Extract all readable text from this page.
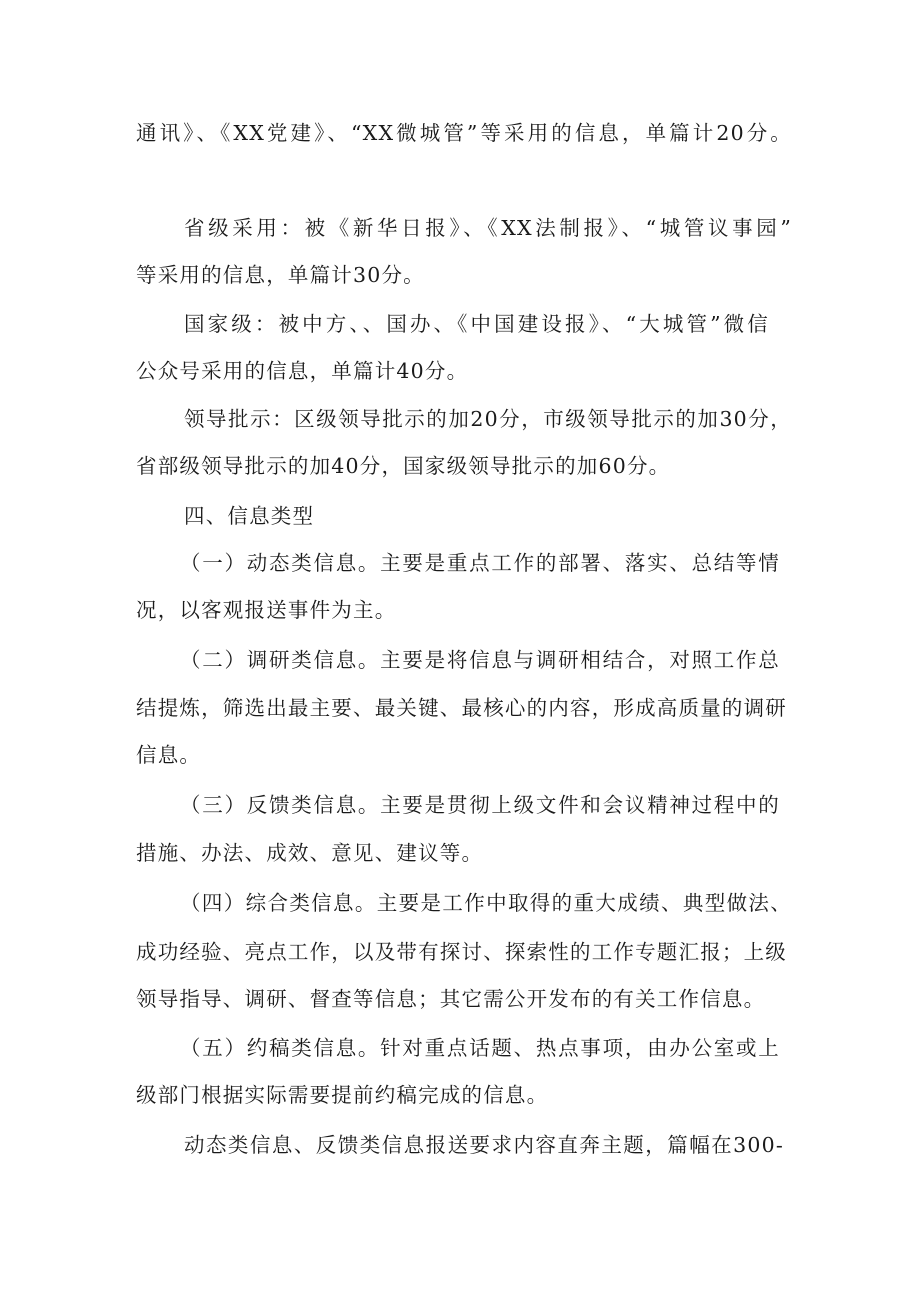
通讯》、《XX党建》、“XX微城管”等采用的信息，单篇计20分。
省级采用：被《新华日报》、《XX法制报》、“城管议事园”
等采用的信息，单篇计30分。
国家级：被中方、、国办、《中国建设报》、“大城管”微信
公众号采用的信息，单篇计40分。
领导批示：区级领导批示的加20分，市级领导批示的加30分，
省部级领导批示的加40分，国家级领导批示的加60分。
四、信息类型
（一）动态类信息。主要是重点工作的部署、落实、总结等情
况，以客观报送事件为主。
（二）调研类信息。主要是将信息与调研相结合，对照工作总
结提炼，筛选出最主要、最关键、最核心的内容，形成高质量的调研
信息。
（三）反馈类信息。主要是贯彻上级文件和会议精神过程中的
措施、办法、成效、意见、建议等。
（四）综合类信息。主要是工作中取得的重大成绩、典型做法、
成功经验、亮点工作，以及带有探讨、探索性的工作专题汇报；上级
领导指导、调研、督查等信息；其它需公开发布的有关工作信息。
（五）约稿类信息。针对重点话题、热点事项，由办公室或上
级部门根据实际需要提前约稿完成的信息。
动态类信息、反馈类信息报送要求内容直奔主题，篇幅在300-
